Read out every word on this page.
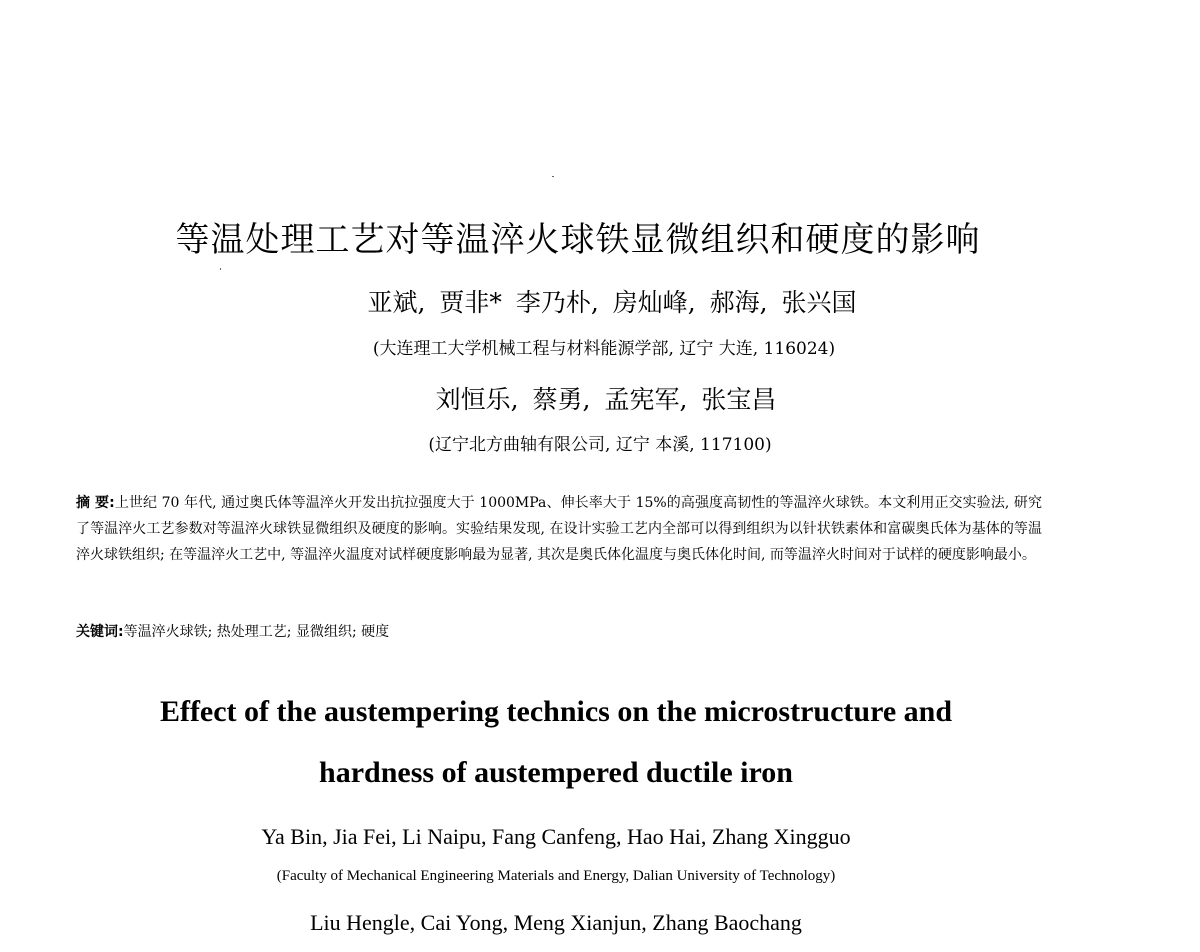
等温处理工艺对等温淬火球铁显微组织和硬度的影响
亚斌, 贾非* 李乃朴, 房灿峰, 郝海, 张兴国
(大连理工大学机械工程与材料能源学部, 辽宁 大连, 116024)
刘恒乐, 蔡勇, 孟宪军, 张宝昌
(辽宁北方曲轴有限公司, 辽宁 本溪, 117100)
摘 要:上世纪 70 年代, 通过奥氏体等温淬火开发出抗拉强度大于 1000MPa、伸长率大于 15%的高强度高韧性的等温淬火球铁。本文利用正交实验法, 研究了等温淬火工艺参数对等温淬火球铁显微组织及硬度的影响。实验结果发现, 在设计实验工艺内全部可以得到组织为以针状铁素体和富碳奥氏体为基体的等温淬火球铁组织; 在等温淬火工艺中, 等温淬火温度对试样硬度影响最为显著, 其次是奥氏体化温度与奥氏体化时间, 而等温淬火时间对于试样的硬度影响最小。
关键词:等温淬火球铁; 热处理工艺; 显微组织; 硬度
Effect of the austempering technics on the microstructure and
hardness of austempered ductile iron
Ya Bin, Jia Fei, Li Naipu, Fang Canfeng, Hao Hai, Zhang Xingguo
(Faculty of Mechanical Engineering Materials and Energy, Dalian University of Technology)
Liu Hengle, Cai Yong, Meng Xianjun, Zhang Baochang
